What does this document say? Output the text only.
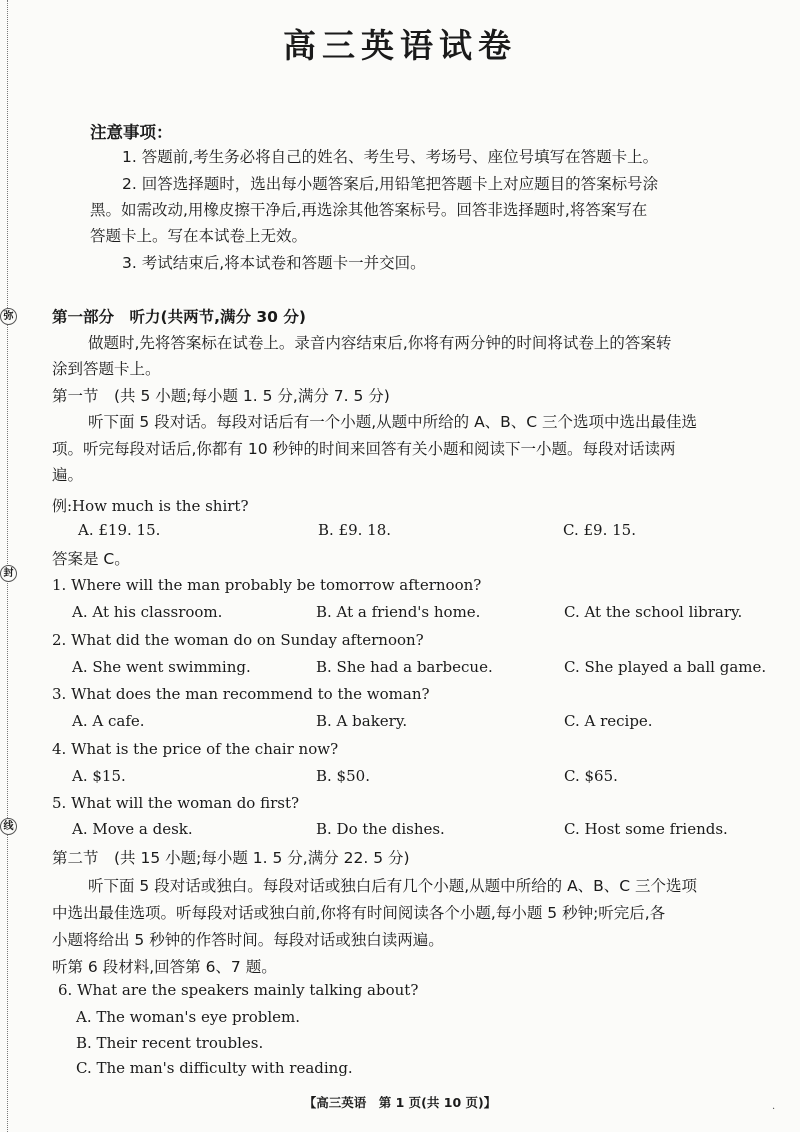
弥
封
线
高三英语试卷
注意事项：
1. 答题前,考生务必将自己的姓名、考生号、考场号、座位号填写在答题卡上。
2. 回答选择题时，选出每小题答案后,用铅笔把答题卡上对应题目的答案标号涂
黑。如需改动,用橡皮擦干净后,再选涂其他答案标号。回答非选择题时,将答案写在
答题卡上。写在本试卷上无效。
3. 考试结束后,将本试卷和答题卡一并交回。
第一部分　听力(共两节,满分 30 分)
做题时,先将答案标在试卷上。录音内容结束后,你将有两分钟的时间将试卷上的答案转
涂到答题卡上。
第一节　(共 5 小题;每小题 1. 5 分,满分 7. 5 分)
听下面 5 段对话。每段对话后有一个小题,从题中所给的 A、B、C 三个选项中选出最佳选
项。听完每段对话后,你都有 10 秒钟的时间来回答有关小题和阅读下一小题。每段对话读两
遍。
例:How much is the shirt?
A. £19. 15.	B. £9. 18.	C. £9. 15.
答案是 C。
1. Where will the man probably be tomorrow afternoon?
A. At his classroom.	B. At a friend's home.	C. At the school library.
2. What did the woman do on Sunday afternoon?
A. She went swimming.	B. She had a barbecue.	C. She played a ball game.
3. What does the man recommend to the woman?
A. A cafe.	B. A bakery.	C. A recipe.
4. What is the price of the chair now?
A. $15.	B. $50.	C. $65.
5. What will the woman do first?
A. Move a desk.	B. Do the dishes.	C. Host some friends.
第二节　(共 15 小题;每小题 1. 5 分,满分 22. 5 分)
听下面 5 段对话或独白。每段对话或独白后有几个小题,从题中所给的 A、B、C 三个选项
中选出最佳选项。听每段对话或独白前,你将有时间阅读各个小题,每小题 5 秒钟;听完后,各
小题将给出 5 秒钟的作答时间。每段对话或独白读两遍。
听第 6 段材料,回答第 6、7 题。
6. What are the speakers mainly talking about?
A. The woman's eye problem.
B. Their recent troubles.
C. The man's difficulty with reading.
【高三英语　第 1 页(共 10 页)】	·
